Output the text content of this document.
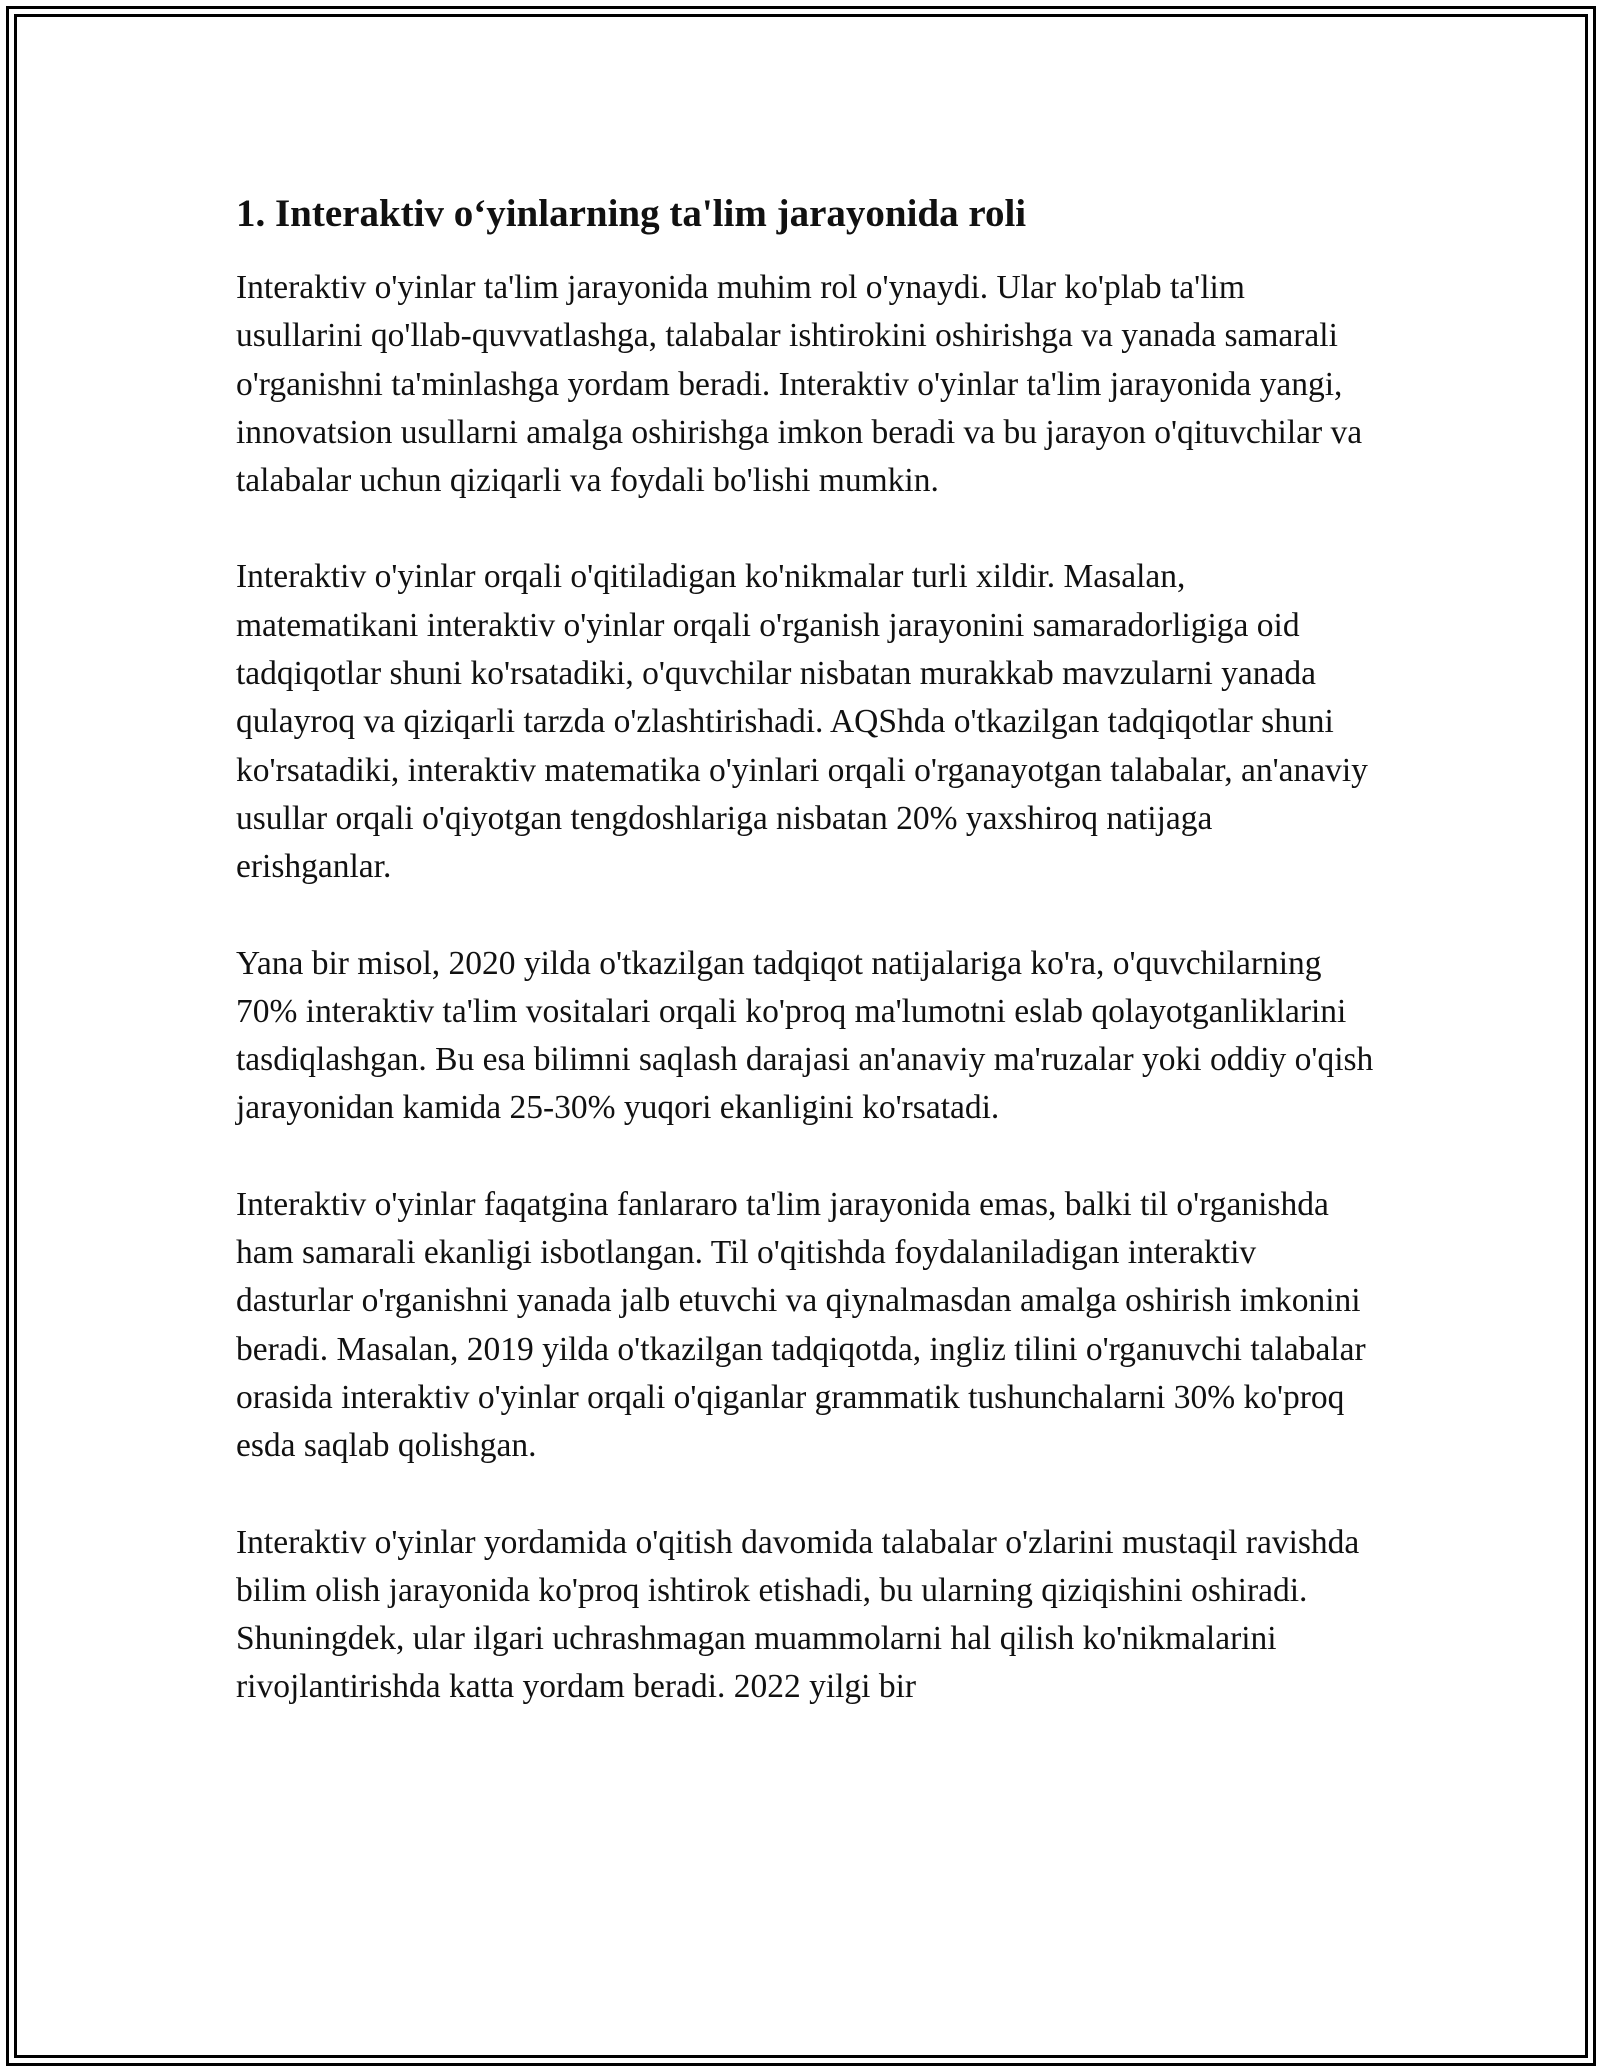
1. Interaktiv o‘yinlarning ta'lim jarayonida roli

Interaktiv o'yinlar ta'lim jarayonida muhim rol o'ynaydi. Ular ko'plab ta'lim usullarini qo'llab-quvvatlashga, talabalar ishtirokini oshirishga va yanada samarali o'rganishni ta'minlashga yordam beradi. Interaktiv o'yinlar ta'lim jarayonida yangi, innovatsion usullarni amalga oshirishga imkon beradi va bu jarayon o'qituvchilar va talabalar uchun qiziqarli va foydali bo'lishi mumkin.

Interaktiv o'yinlar orqali o'qitiladigan ko'nikmalar turli xildir. Masalan, matematikani interaktiv o'yinlar orqali o'rganish jarayonini samaradorligiga oid tadqiqotlar shuni ko'rsatadiki, o'quvchilar nisbatan murakkab mavzularni yanada qulayroq va qiziqarli tarzda o'zlashtirishadi. AQShda o'tkazilgan tadqiqotlar shuni ko'rsatadiki, interaktiv matematika o'yinlari orqali o'rganayotgan talabalar, an'anaviy usullar orqali o'qiyotgan tengdoshlariga nisbatan 20% yaxshiroq natijaga erishganlar.

Yana bir misol, 2020 yilda o'tkazilgan tadqiqot natijalariga ko'ra, o'quvchilarning 70% interaktiv ta'lim vositalari orqali ko'proq ma'lumotni eslab qolayotganliklarini tasdiqlashgan. Bu esa bilimni saqlash darajasi an'anaviy ma'ruzalar yoki oddiy o'qish jarayonidan kamida 25-30% yuqori ekanligini ko'rsatadi.

Interaktiv o'yinlar faqatgina fanlararo ta'lim jarayonida emas, balki til o'rganishda ham samarali ekanligi isbotlangan. Til o'qitishda foydalaniladigan interaktiv dasturlar o'rganishni yanada jalb etuvchi va qiynalmasdan amalga oshirish imkonini beradi. Masalan, 2019 yilda o'tkazilgan tadqiqotda, ingliz tilini o'rganuvchi talabalar orasida interaktiv o'yinlar orqali o'qiganlar grammatik tushunchalarni 30% ko'proq esda saqlab qolishgan.

Interaktiv o'yinlar yordamida o'qitish davomida talabalar o'zlarini mustaqil ravishda bilim olish jarayonida ko'proq ishtirok etishadi, bu ularning qiziqishini oshiradi. Shuningdek, ular ilgari uchrashmagan muammolarni hal qilish ko'nikmalarini rivojlantirishda katta yordam beradi. 2022 yilgi bir
